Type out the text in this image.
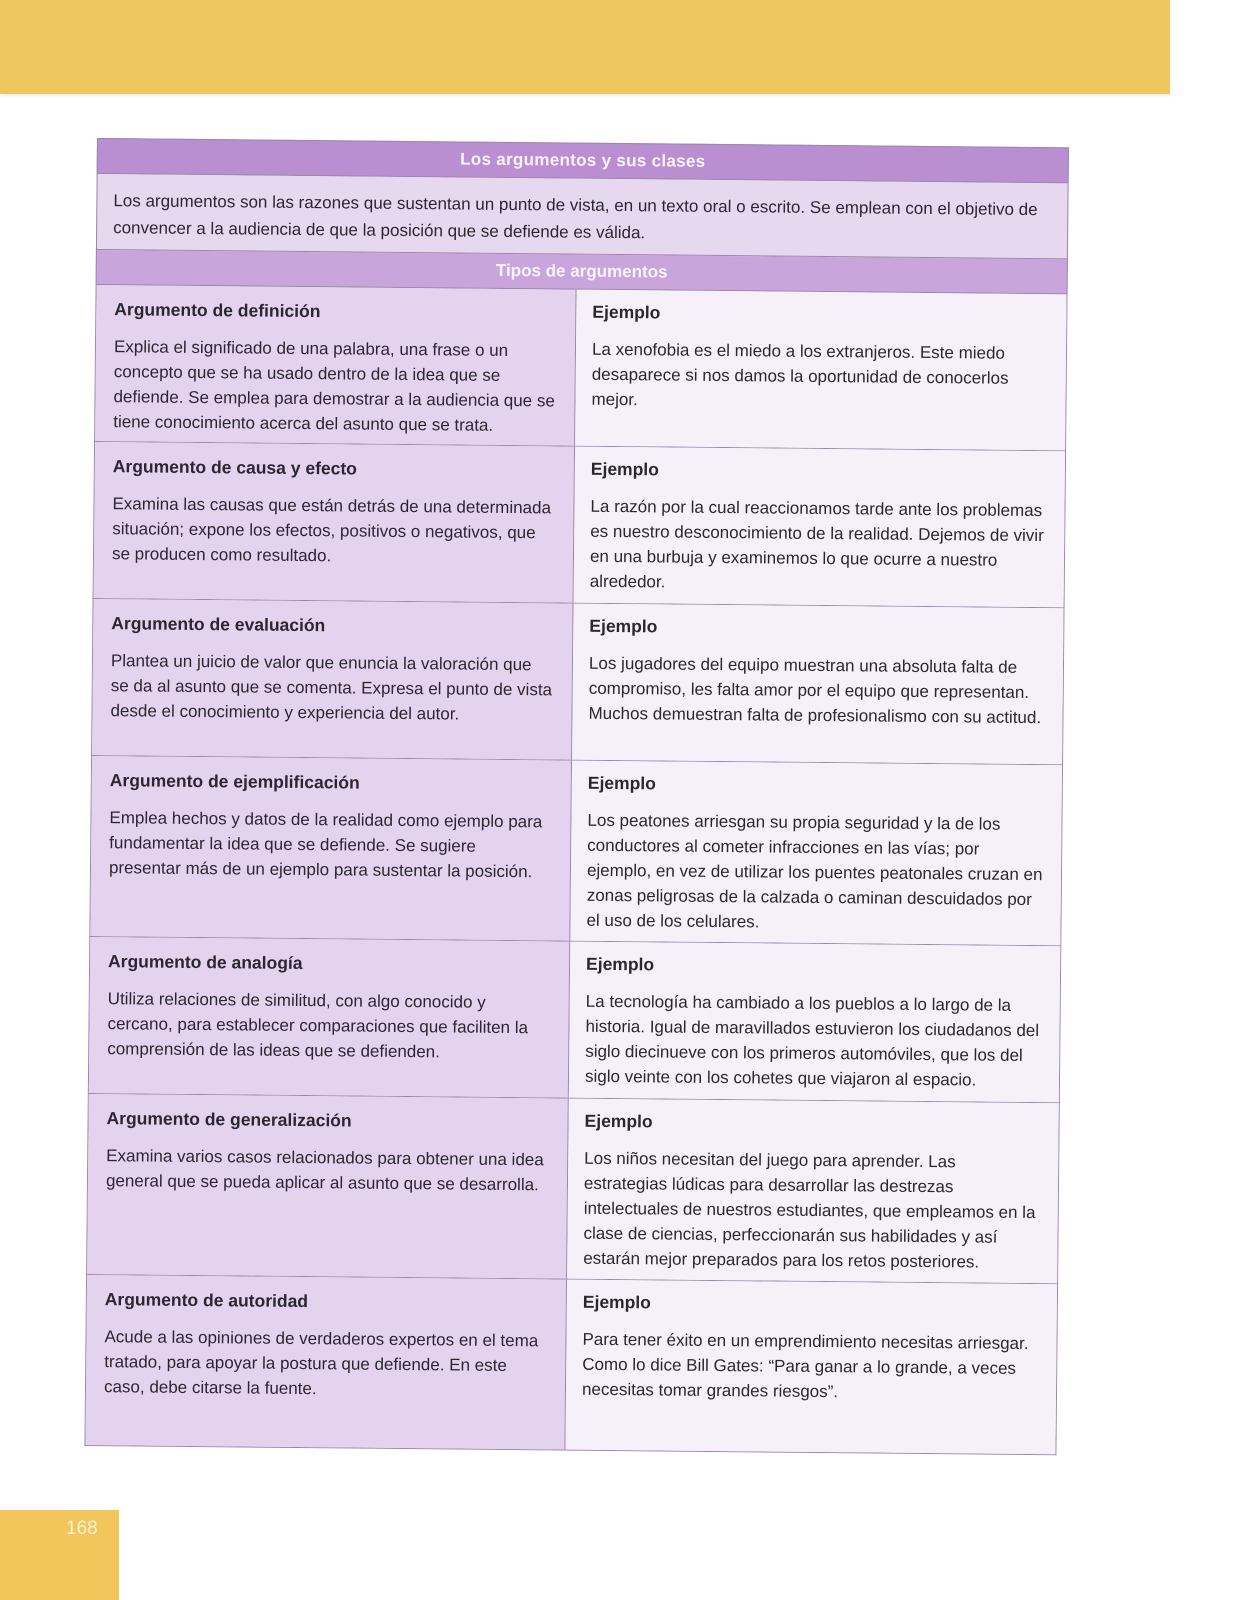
Los argumentos y sus clases
Los argumentos son las razones que sustentan un punto de vista, en un texto oral o escrito. Se emplean con el objetivo de convencer a la audiencia de que la posición que se defiende es válida.
Tipos de argumentos

Argumento de definición

Explica el significado de una palabra, una frase o un concepto que se ha usado dentro de la idea que se defiende. Se emplea para demostrar a la audiencia que se tiene conocimiento acerca del asunto que se trata.

Ejemplo

La xenofobia es el miedo a los extranjeros. Este miedo desaparece si nos damos la oportunidad de conocerlos mejor.

Argumento de causa y efecto

Examina las causas que están detrás de una determinada situación; expone los efectos, positivos o negativos, que se producen como resultado.

Ejemplo

La razón por la cual reaccionamos tarde ante los problemas es nuestro desconocimiento de la realidad. Dejemos de vivir en una burbuja y examinemos lo que ocurre a nuestro alrededor.

Argumento de evaluación

Plantea un juicio de valor que enuncia la valoración que se da al asunto que se comenta. Expresa el punto de vista desde el conocimiento y experiencia del autor.

Ejemplo

Los jugadores del equipo muestran una absoluta falta de compromiso, les falta amor por el equipo que representan. Muchos demuestran falta de profesionalismo con su actitud.

Argumento de ejemplificación

Emplea hechos y datos de la realidad como ejemplo para fundamentar la idea que se defiende. Se sugiere presentar más de un ejemplo para sustentar la posición.

Ejemplo

Los peatones arriesgan su propia seguridad y la de los conductores al cometer infracciones en las vías; por ejemplo, en vez de utilizar los puentes peatonales cruzan en zonas peligrosas de la calzada o caminan descuidados por el uso de los celulares.

Argumento de analogía

Utiliza relaciones de similitud, con algo conocido y cercano, para establecer comparaciones que faciliten la comprensión de las ideas que se defienden.

Ejemplo

La tecnología ha cambiado a los pueblos a lo largo de la historia. Igual de maravillados estuvieron los ciudadanos del siglo diecinueve con los primeros automóviles, que los del siglo veinte con los cohetes que viajaron al espacio.

Argumento de generalización

Examina varios casos relacionados para obtener una idea general que se pueda aplicar al asunto que se desarrolla.

Ejemplo

Los niños necesitan del juego para aprender. Las estrategias lúdicas para desarrollar las destrezas intelectuales de nuestros estudiantes, que empleamos en la clase de ciencias, perfeccionarán sus habilidades y así estarán mejor preparados para los retos posteriores.

Argumento de autoridad

Acude a las opiniones de verdaderos expertos en el tema tratado, para apoyar la postura que defiende. En este caso, debe citarse la fuente.

Ejemplo

Para tener éxito en un emprendimiento necesitas arriesgar. Como lo dice Bill Gates: “Para ganar a lo grande, a veces necesitas tomar grandes riesgos”.

168
